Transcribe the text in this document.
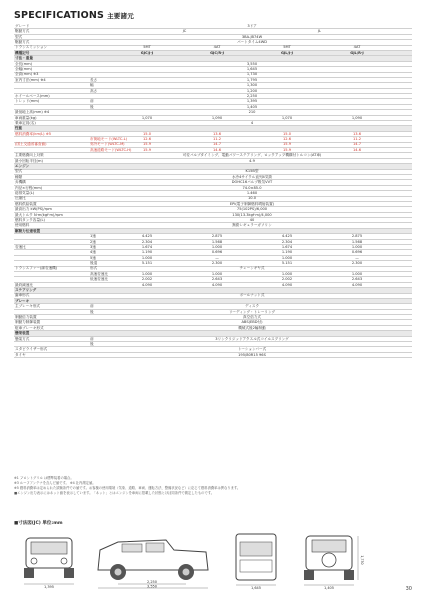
SPECIFICATIONS 主要諸元
グレード	3ドア
駆動方式	JC	JL
型式	3BA-JB74W
駆動方式	パートタイム4WD
トランスミッション	5MT	4AT	5MT	4AT
機種記号	GJC/J-J	GJC/R-J	GJL/J-J	GJL/R-J
寸法・重量
全長(mm)	3,550
全幅(mm)	1,645
全高(mm) ※3	1,730
室内寸法(mm) ※4	長さ	1,795
幅	1,300
高さ	1,200
ホイールベース(mm)	2,250
トレッド(mm)	前	1,395
後	1,405
最低地上高(mm) ※4	210
車両重量(kg)	1,070	1,090	1,070	1,090
乗車定員(名)	4
性能
燃料消費率(km/L) ※5	15.0	13.6	15.0	13.6
市街地モード(WLTC-L)	12.6	11.2	12.6	11.2
(国土交通省審査値)	郊外モード(WLTC-M)	15.9	14.7	15.9	14.7
高速道路モード(WLTC-H)	15.9	14.6	15.9	14.6
主要燃費向上対策	可変バルブタイミング、電動パワーステアリング、ロックアップ機構付トルコン(AT車)
最小回転半径(m)	4.9
エンジン
型式	K15B型
種類	水冷4サイクル直列4気筒
弁機構	DOHC16バルブ吸気VVT
内径×行程(mm)	74.0×85.0
総排気量(L)	1.460
圧縮比	10.0
燃料供給装置	EPI(電子制御燃料噴射装置)
最高出力 kW(PS)/rpm	75(102PS)/6,000
最大トルク N·m(kgf·m)/rpm	130(13.3kgf·m)/4,000
燃料タンク容量(L)	40
使用燃料	無鉛レギュラーガソリン
駆動力伝達装置
1速	4.425	2.875	4.425	2.875
2速	2.304	1.568	2.304	1.568
変速比	3速	1.674	1.000	1.674	1.000
4速	1.190	0.696	1.190	0.696
5速	1.000	—	1.000	—
後退	5.151	2.300	5.151	2.300
トランスファー(副変速機)	形式	チェーンギヤ式
高速変速比	1.000	1.000	1.000	1.000
低速変速比	2.002	2.643	2.002	2.643
最終減速比	4.090	4.090	4.090	4.090
ステアリング
歯車形式	ボールナット式
ブレーキ
主ブレーキ形式	前	ディスク
後	リーディング・トレーリング
制動倍力装置	真空倍力式
制動力制御装置	ABS(EBD付)
駐車ブレーキ形式	機械式後2輪制動
懸架装置
懸架方式	前	3リンクリジッドアクスル式コイルスプリング
後
スタビライザー形式	トーションバー式
タイヤ	195/80R15 96S
※1 フロントグリル は標準装着の場合。
※3 ルーフアンテナを含んだ値です。 ※4 社内測定値。
※5 燃料消費率は定められた試験条件での値です。お客様の使用環境（気象、道路、車両、運転方法、整備状況など）に応じて燃料消費率は異なります。
■エンジン出力表示にはネット値を表示しています。「ネット」とはエンジンを車両に搭載した状態とほぼ同条件で測定したものです。
■寸法図(JC) 単位:mm
1,395
2,250
3,550	1,645	1,405
1,730
30
